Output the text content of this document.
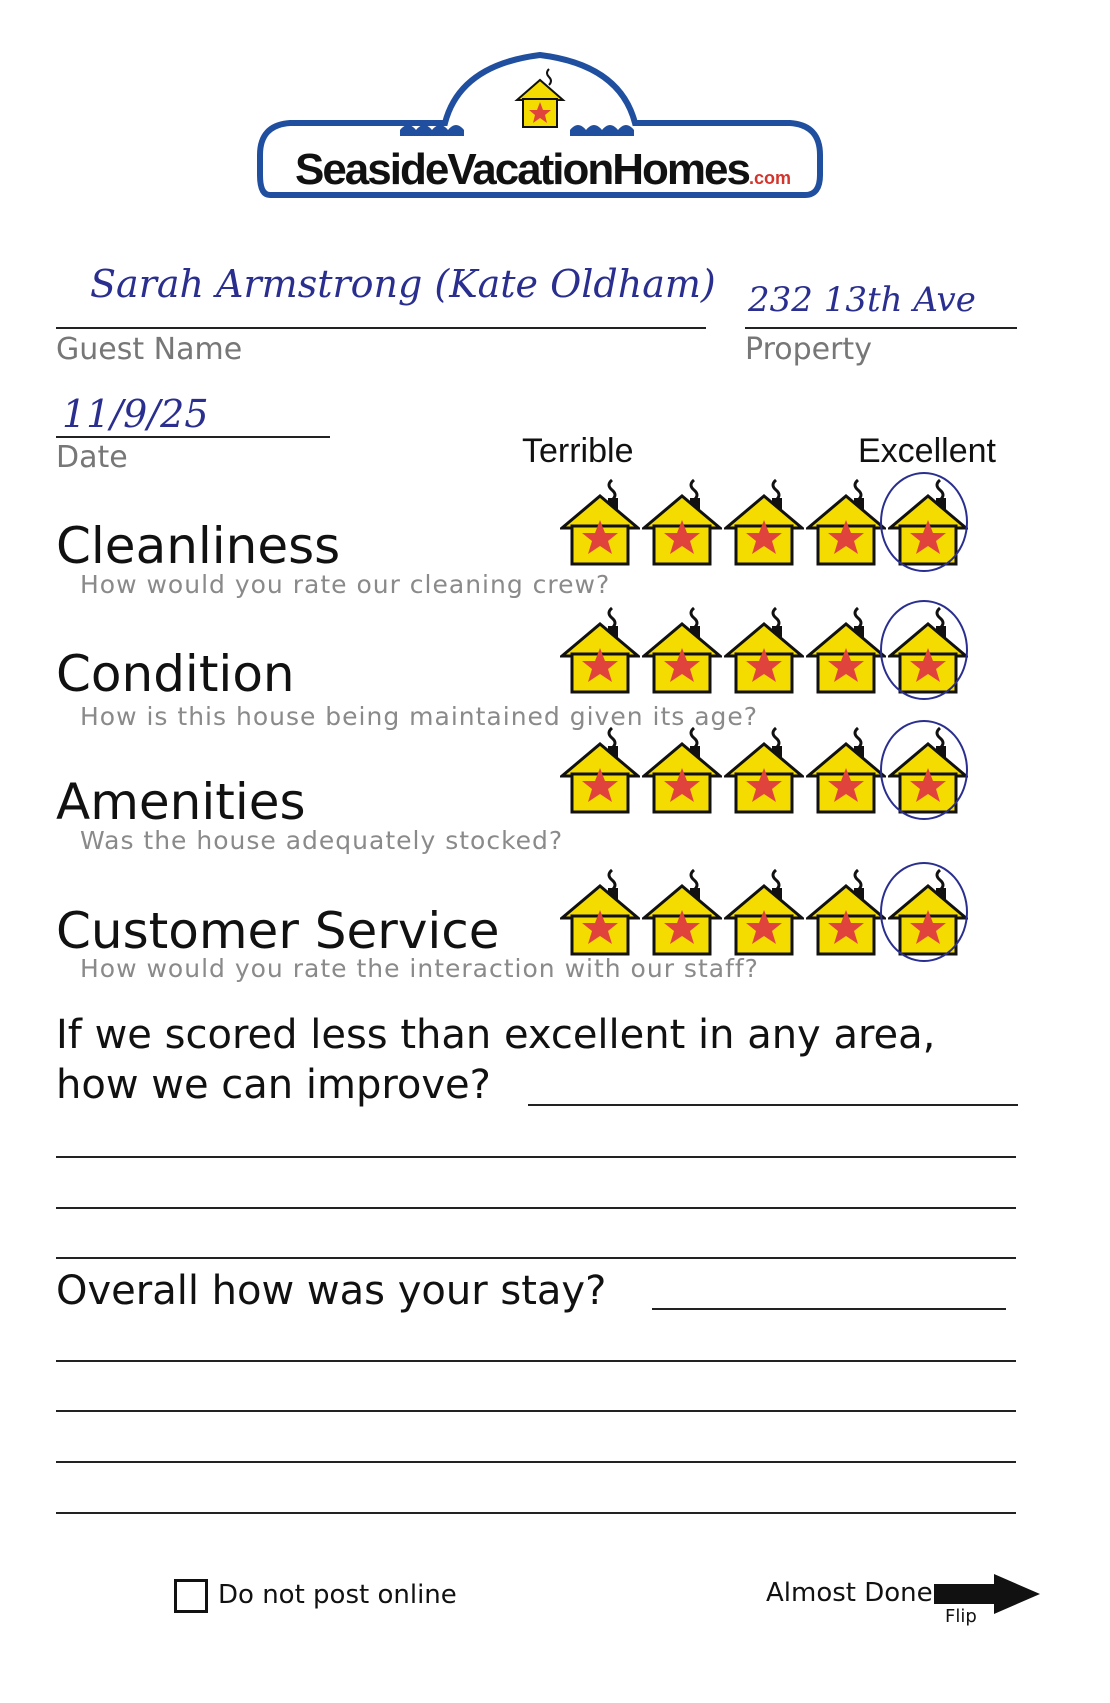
SeasideVacationHomes.com
Sarah Armstrong (Kate Oldham)
Guest Name
232 13th Ave
Property
11/9/25
Date	Terrible	Excellent
Cleanliness
How would you rate our cleaning crew?
Condition
How is this house being maintained given its age?
Amenities
Was the house adequately stocked?
Customer Service
How would you rate the interaction with our staff?
If we scored less than excellent in any area,
how we can improve?
Overall how was your stay?
Do not post online	Almost Done
Flip
